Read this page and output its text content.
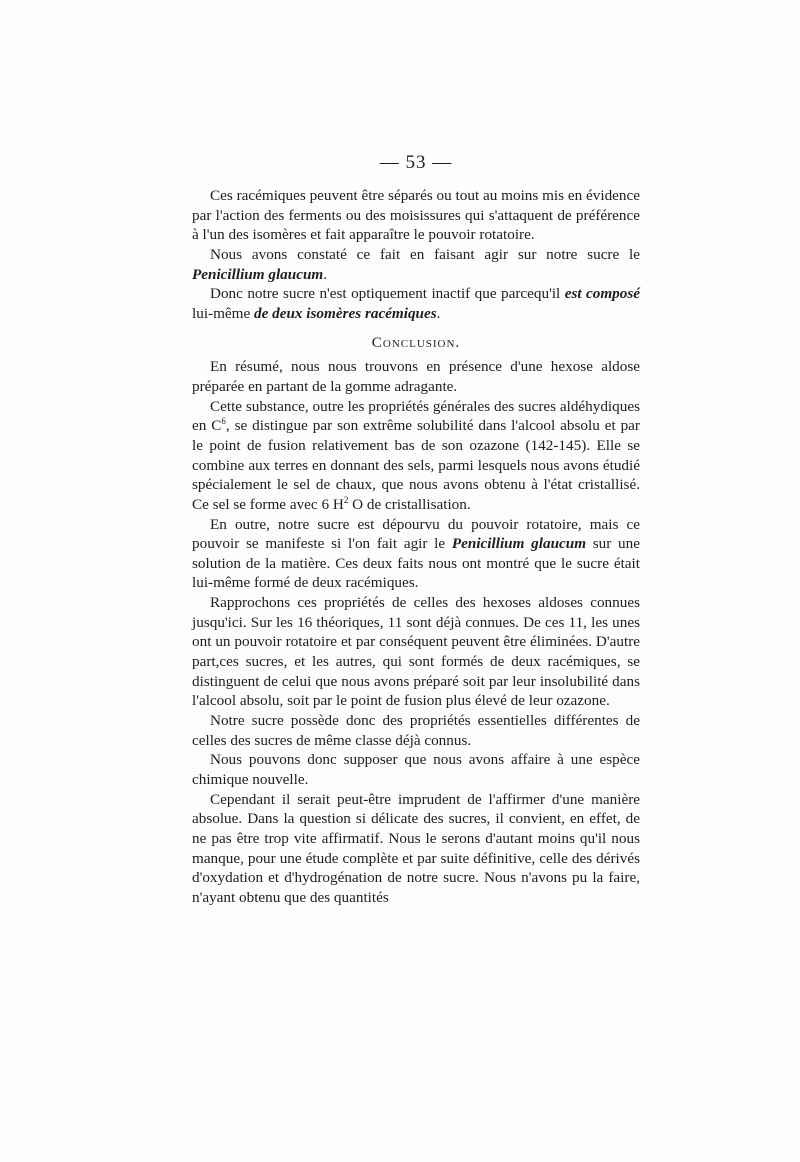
— 53 —

Ces racémiques peuvent être séparés ou tout au moins mis en évidence par l'action des ferments ou des moisissures qui s'attaquent de préférence à l'un des isomères et fait apparaître le pouvoir rotatoire.

Nous avons constaté ce fait en faisant agir sur notre sucre le Penicillium glaucum.

Donc notre sucre n'est optiquement inactif que parcequ'il est composé lui-même de deux isomères racémiques.

Conclusion.

En résumé, nous nous trouvons en présence d'une hexose aldose préparée en partant de la gomme adragante.

Cette substance, outre les propriétés générales des sucres aldéhydiques en $C^6$, se distingue par son extrême solubilité dans l'alcool absolu et par le point de fusion relativement bas de son ozazone (142-145). Elle se combine aux terres en donnant des sels, parmi lesquels nous avons étudié spécialement le sel de chaux, que nous avons obtenu à l'état cristallisé. Ce sel se forme avec 6 $H^2$ O de cristallisation.

En outre, notre sucre est dépourvu du pouvoir rotatoire, mais ce pouvoir se manifeste si l'on fait agir le Penicillium glaucum sur une solution de la matière. Ces deux faits nous ont montré que le sucre était lui-même formé de deux racémiques.

Rapprochons ces propriétés de celles des hexoses aldoses connues jusqu'ici. Sur les 16 théoriques, 11 sont déjà connues. De ces 11, les unes ont un pouvoir rotatoire et par conséquent peuvent être éliminées. D'autre part,ces sucres, et les autres, qui sont formés de deux racémiques, se distinguent de celui que nous avons préparé soit par leur insolubilité dans l'alcool absolu, soit par le point de fusion plus élevé de leur ozazone.

Notre sucre possède donc des propriétés essentielles différentes de celles des sucres de même classe déjà connus.

Nous pouvons donc supposer que nous avons affaire à une espèce chimique nouvelle.

Cependant il serait peut-être imprudent de l'affirmer d'une manière absolue. Dans la question si délicate des sucres, il convient, en effet, de ne pas être trop vite affirmatif. Nous le serons d'autant moins qu'il nous manque, pour une étude complète et par suite définitive, celle des dérivés d'oxydation et d'hydrogénation de notre sucre. Nous n'avons pu la faire, n'ayant obtenu que des quantités
